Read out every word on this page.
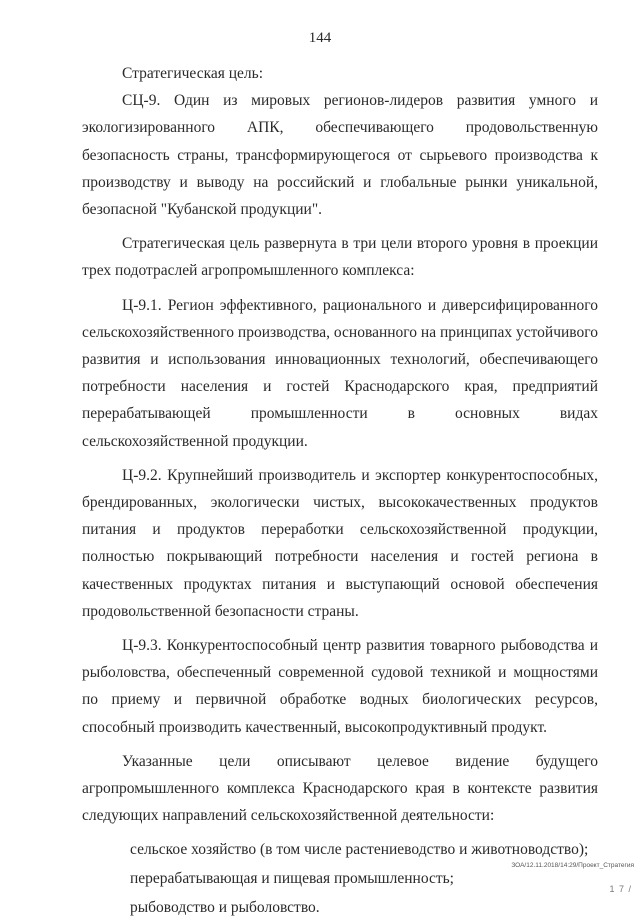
144

Стратегическая цель:

СЦ-9. Один из мировых регионов-лидеров развития умного и экологизированного АПК, обеспечивающего продовольственную безопасность страны, трансформирующегося от сырьевого производства к производству и выводу на российский и глобальные рынки уникальной, безопасной "Кубанской продукции".

Стратегическая цель развернута в три цели второго уровня в проекции трех подотраслей агропромышленного комплекса:

Ц-9.1. Регион эффективного, рационального и диверсифицированного сельскохозяйственного производства, основанного на принципах устойчивого развития и использования инновационных технологий, обеспечивающего потребности населения и гостей Краснодарского края, предприятий перерабатывающей промышленности в основных видах сельскохозяйственной продукции.

Ц-9.2. Крупнейший производитель и экспортер конкурентоспособных, брендированных, экологически чистых, высококачественных продуктов питания и продуктов переработки сельскохозяйственной продукции, полностью покрывающий потребности населения и гостей региона в качественных продуктах питания и выступающий основой обеспечения продовольственной безопасности страны.

Ц-9.3. Конкурентоспособный центр развития товарного рыбоводства и рыболовства, обеспеченный современной судовой техникой и мощностями по приему и первичной обработке водных биологических ресурсов, способный производить качественный, высокопродуктивный продукт.

Указанные цели описывают целевое видение будущего агропромышленного комплекса Краснодарского края в контексте развития следующих направлений сельскохозяйственной деятельности:

сельское хозяйство (в том числе растениеводство и животноводство);

перерабатывающая и пищевая промышленность;

рыбоводство и рыболовство.

ЗОА/12.11.2018/14:29/Проект_Стратегия
1 7 /
